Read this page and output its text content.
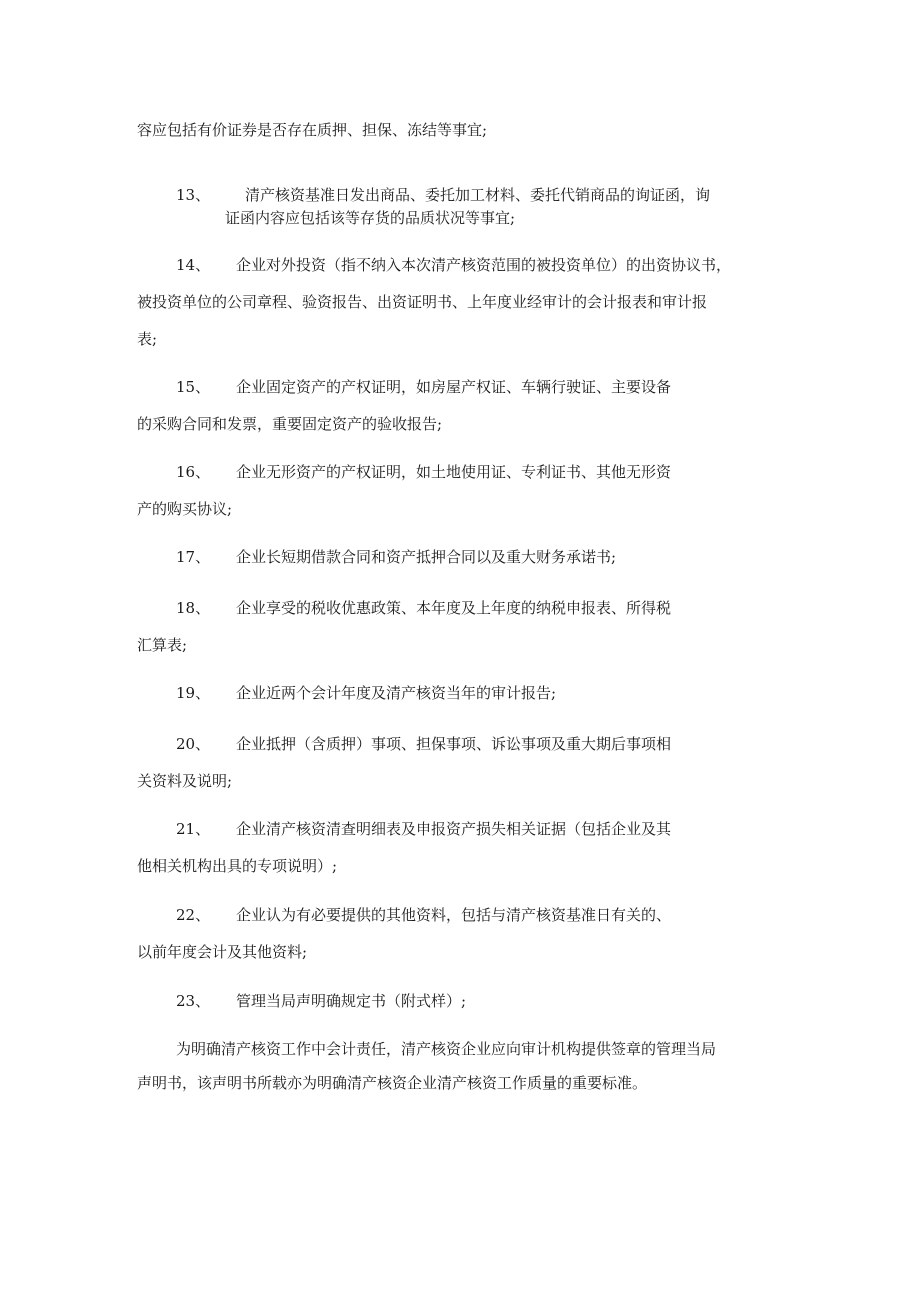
容应包括有价证券是否存在质押、担保、冻结等事宜;
13、 清产核资基准日发出商品、委托加工材料、委托代销商品的询证函，询
证函内容应包括该等存货的品质状况等事宜;
14、 企业对外投资（指不纳入本次清产核资范围的被投资单位）的出资协议书，
被投资单位的公司章程、验资报告、出资证明书、上年度业经审计的会计报表和审计报
表;
15、 企业固定资产的产权证明，如房屋产权证、车辆行驶证、主要设备
的采购合同和发票，重要固定资产的验收报告;
16、 企业无形资产的产权证明，如土地使用证、专利证书、其他无形资
产的购买协议;
17、 企业长短期借款合同和资产抵押合同以及重大财务承诺书;
18、 企业享受的税收优惠政策、本年度及上年度的纳税申报表、所得税
汇算表;
19、 企业近两个会计年度及清产核资当年的审计报告;
20、 企业抵押（含质押）事项、担保事项、诉讼事项及重大期后事项相
关资料及说明;
21、 企业清产核资清查明细表及申报资产损失相关证据（包括企业及其
他相关机构出具的专项说明）;
22、 企业认为有必要提供的其他资料，包括与清产核资基准日有关的、
以前年度会计及其他资料;
23、 管理当局声明确规定书（附式样）;
为明确清产核资工作中会计责任，清产核资企业应向审计机构提供签章的管理当局
声明书，该声明书所载亦为明确清产核资企业清产核资工作质量的重要标准。
